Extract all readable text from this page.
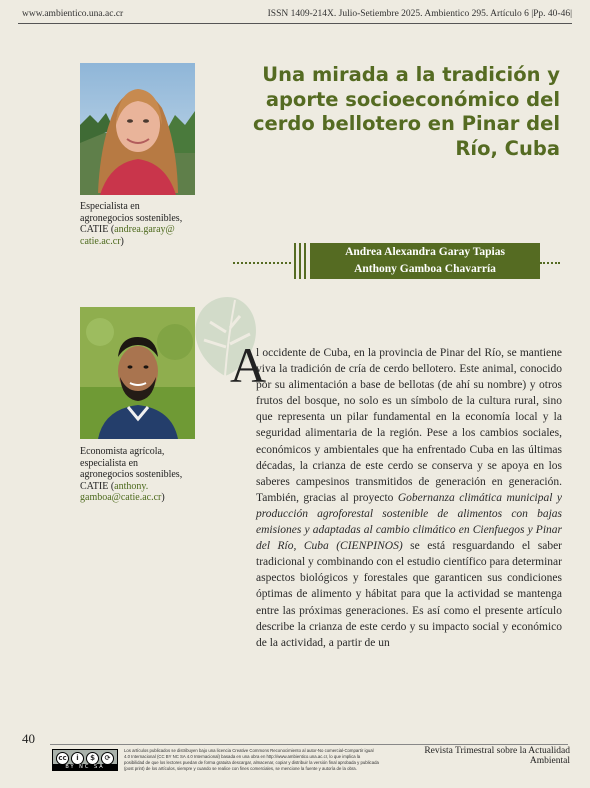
www.ambientico.una.ac.cr	ISSN 1409-214X. Julio-Setiembre 2025. Ambientico 295. Artículo 6 |Pp. 40-46|
Especialista en
agronegocios sostenibles,
CATIE (andrea.garay@
catie.ac.cr)
Una mirada a la tradición y
aporte socioeconómico del
cerdo bellotero en Pinar del
Río, Cuba
Andrea Alexandra Garay Tapias
Anthony Gamboa Chavarría
Economista agrícola,
especialista en
agronegocios sostenibles,
CATIE (anthony.
gamboa@catie.ac.cr)
A
l occidente de Cuba, en la provincia de Pinar del Río, se mantiene viva la tradición de cría de cerdo bellotero. Este animal, conocido por su alimentación a base de bellotas (de ahí su nombre) y otros frutos del bosque, no solo es un símbolo de la cultura rural, sino que representa un pilar fundamental en la economía local y la seguridad alimentaria de la región. Pese a los cambios sociales, económicos y ambientales que ha enfrentado Cuba en las últimas décadas, la crianza de este cerdo se conserva y se apoya en los saberes campesinos transmitidos de generación en generación. También, gracias al proyecto Gobernanza climática municipal y producción agroforestal sostenible de alimentos con bajas emisiones y adaptadas al cambio climático en Cienfuegos y Pinar del Río, Cuba (CIENPINOS) se está resguardando el saber tradicional y combinando con el estudio científico para determinar aspectos biológicos y forestales que garanticen sus condiciones óptimas de alimento y hábitat para que la actividad se mantenga entre las próximas generaciones. Es así como el presente artículo describe la crianza de este cerdo y su impacto social y económico de la actividad, a partir de un
40
cc	i	$	⟳
BY NC SA
Los artículos publicados se distribuyen bajo una licencia Creative Commons Reconocimiento al autor-No comercial-Compartir igual 4.0 Internacional (CC BY NC SA 4.0 Internacional) basada en una obra en http://www.ambientico.una.ac.cr, lo que implica la posibilidad de que los lectores puedan de forma gratuita descargar, almacenar, copiar y distribuir la versión final aprobada y publicada (post print) de los artículos, siempre y cuando se realice con fines comerciales, se mencione la fuente y autoría de la obra.
Revista Trimestral sobre la Actualidad Ambiental
